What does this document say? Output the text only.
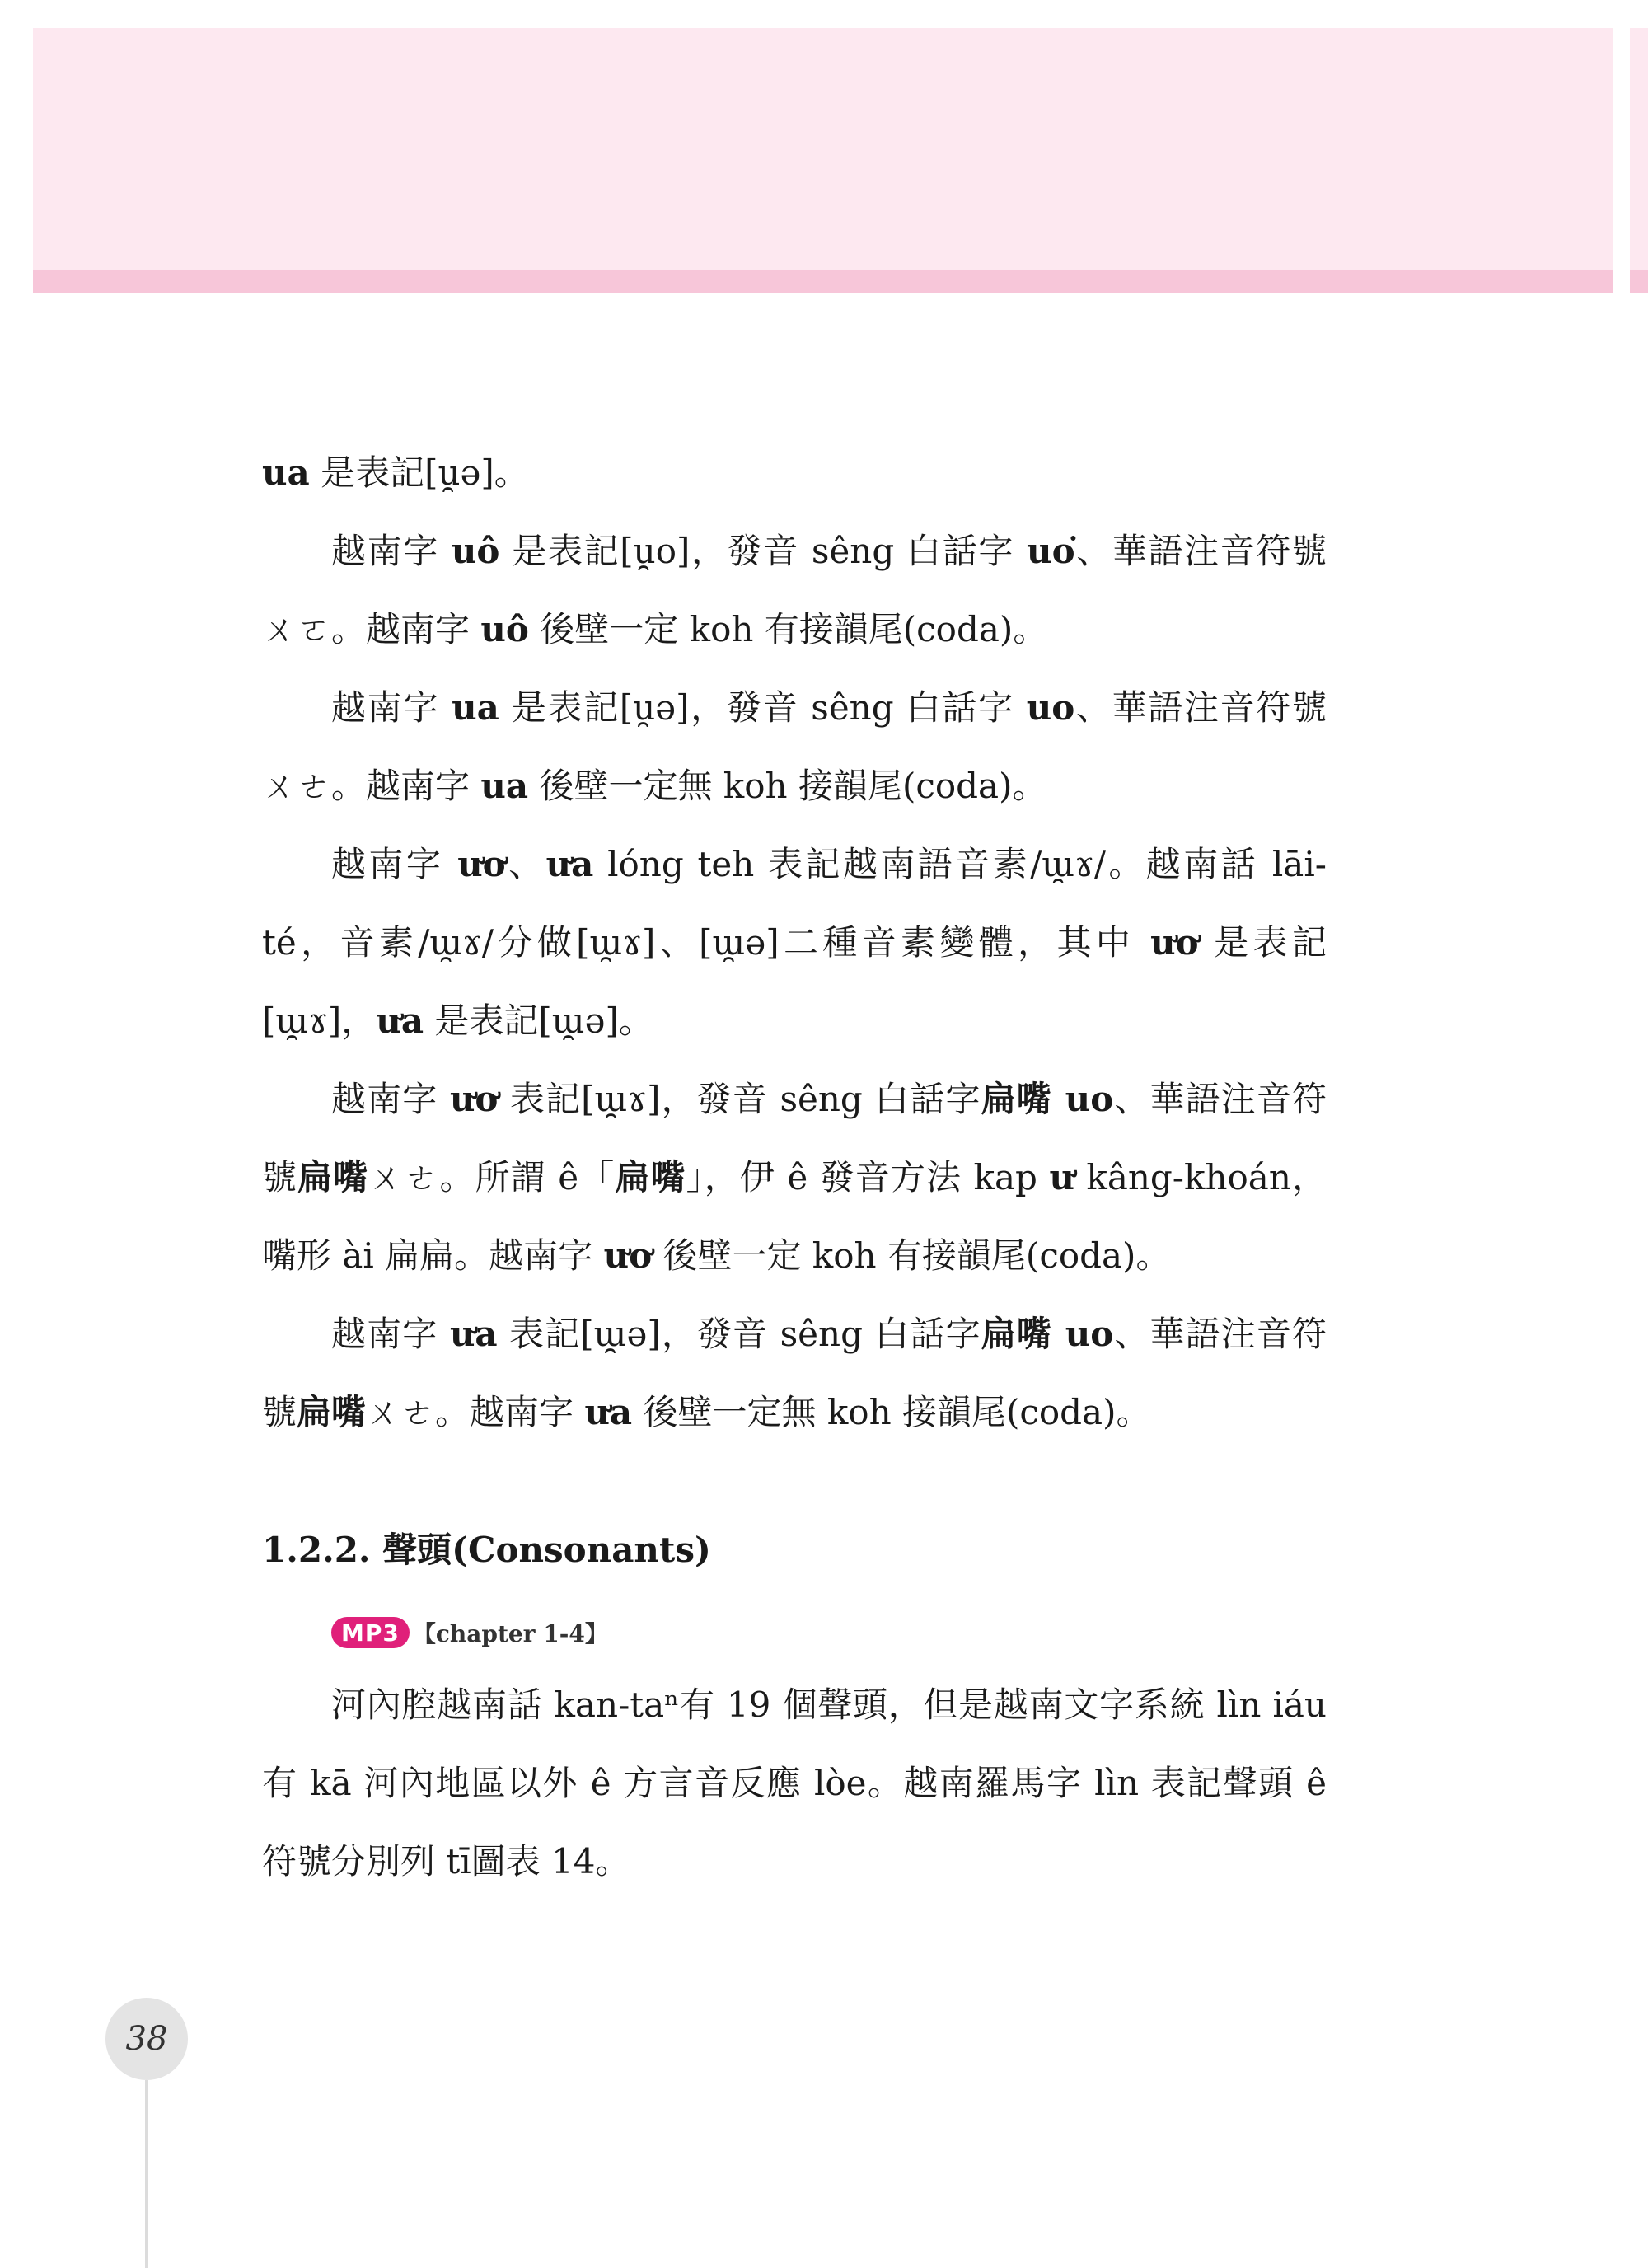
ua 是表記[u̯ə]。

越南字 uô 是表記[u̯o]，發音 sêng 白話字 uo͘、華語注音符號ㄨㄛ。越南字 uô 後壁一定 koh 有接韻尾(coda)。

越南字 ua 是表記[u̯ə]，發音 sêng 白話字 uo、華語注音符號ㄨㄜ。越南字 ua 後壁一定無 koh 接韻尾(coda)。

越南字 ươ、ưa lóng teh 表記越南語音素/ɯ̯ɤ/。越南話 lāi-té，音素/ɯ̯ɤ/分做[ɯ̯ɤ]、[ɯ̯ə]二種音素變體，其中 ươ 是表記[ɯ̯ɤ]，ưa 是表記[ɯ̯ə]。

越南字 ươ 表記[ɯ̯ɤ]，發音 sêng 白話字扁嘴 uo、華語注音符號扁嘴ㄨㄜ。所謂 ê「扁嘴」，伊 ê 發音方法 kap ư kâng-khoán，嘴形 ài 扁扁。越南字 ươ 後壁一定 koh 有接韻尾(coda)。

越南字 ưa 表記[ɯ̯ə]，發音 sêng 白話字扁嘴 uo、華語注音符號扁嘴ㄨㄜ。越南字 ưa 後壁一定無 koh 接韻尾(coda)。

1.2.2. 聲頭(Consonants)
MP3 【chapter 1-4】

河內腔越南話 kan-taⁿ有 19 個聲頭，但是越南文字系統 lìn iáu 有 kā 河內地區以外 ê 方言音反應 lòe。越南羅馬字 lìn 表記聲頭 ê 符號分別列 tī圖表 14。

38
